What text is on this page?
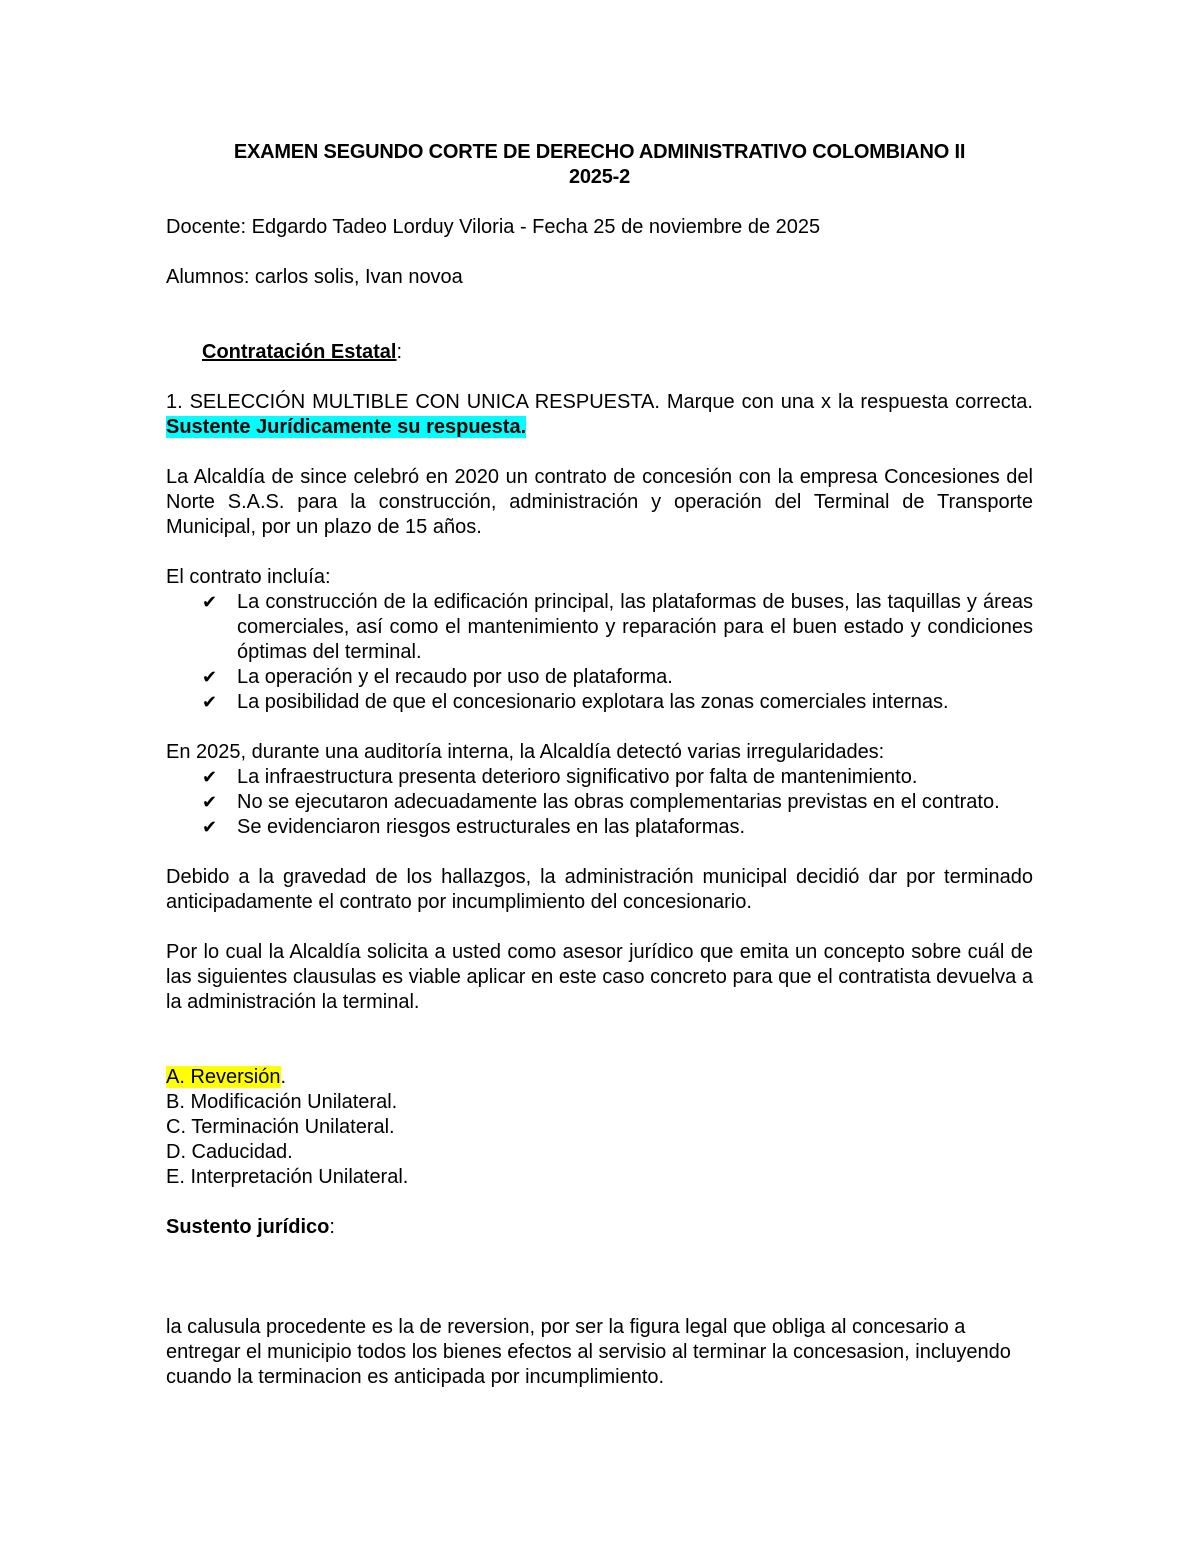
EXAMEN SEGUNDO CORTE DE DERECHO ADMINISTRATIVO COLOMBIANO II

2025-2

Docente: Edgardo Tadeo Lorduy Viloria - Fecha 25 de noviembre de 2025

Alumnos: carlos solis, Ivan novoa

Contratación Estatal:

1. SELECCIÓN MULTIBLE CON UNICA RESPUESTA. Marque con una x la respuesta correcta. Sustente Jurídicamente su respuesta.

La Alcaldía de since celebró en 2020 un contrato de concesión con la empresa Concesiones del Norte S.A.S. para la construcción, administración y operación del Terminal de Transporte Municipal, por un plazo de 15 años.

El contrato incluía:

✔ La construcción de la edificación principal, las plataformas de buses, las taquillas y áreas comerciales, así como el mantenimiento y reparación para el buen estado y condiciones óptimas del terminal.
✔ La operación y el recaudo por uso de plataforma.
✔ La posibilidad de que el concesionario explotara las zonas comerciales internas.

En 2025, durante una auditoría interna, la Alcaldía detectó varias irregularidades:

✔ La infraestructura presenta deterioro significativo por falta de mantenimiento.
✔ No se ejecutaron adecuadamente las obras complementarias previstas en el contrato.
✔ Se evidenciaron riesgos estructurales en las plataformas.

Debido a la gravedad de los hallazgos, la administración municipal decidió dar por terminado anticipadamente el contrato por incumplimiento del concesionario.

Por lo cual la Alcaldía solicita a usted como asesor jurídico que emita un concepto sobre cuál de las siguientes clausulas es viable aplicar en este caso concreto para que el contratista devuelva a la administración la terminal.

A. Reversión.

B. Modificación Unilateral.

C. Terminación Unilateral.

D. Caducidad.

E. Interpretación Unilateral.

Sustento jurídico:

la calusula procedente es la de reversion, por ser la figura legal que obliga al concesario a entregar el municipio todos los bienes efectos al servisio al terminar la concesasion, incluyendo cuando la terminacion es anticipada por incumplimiento.
